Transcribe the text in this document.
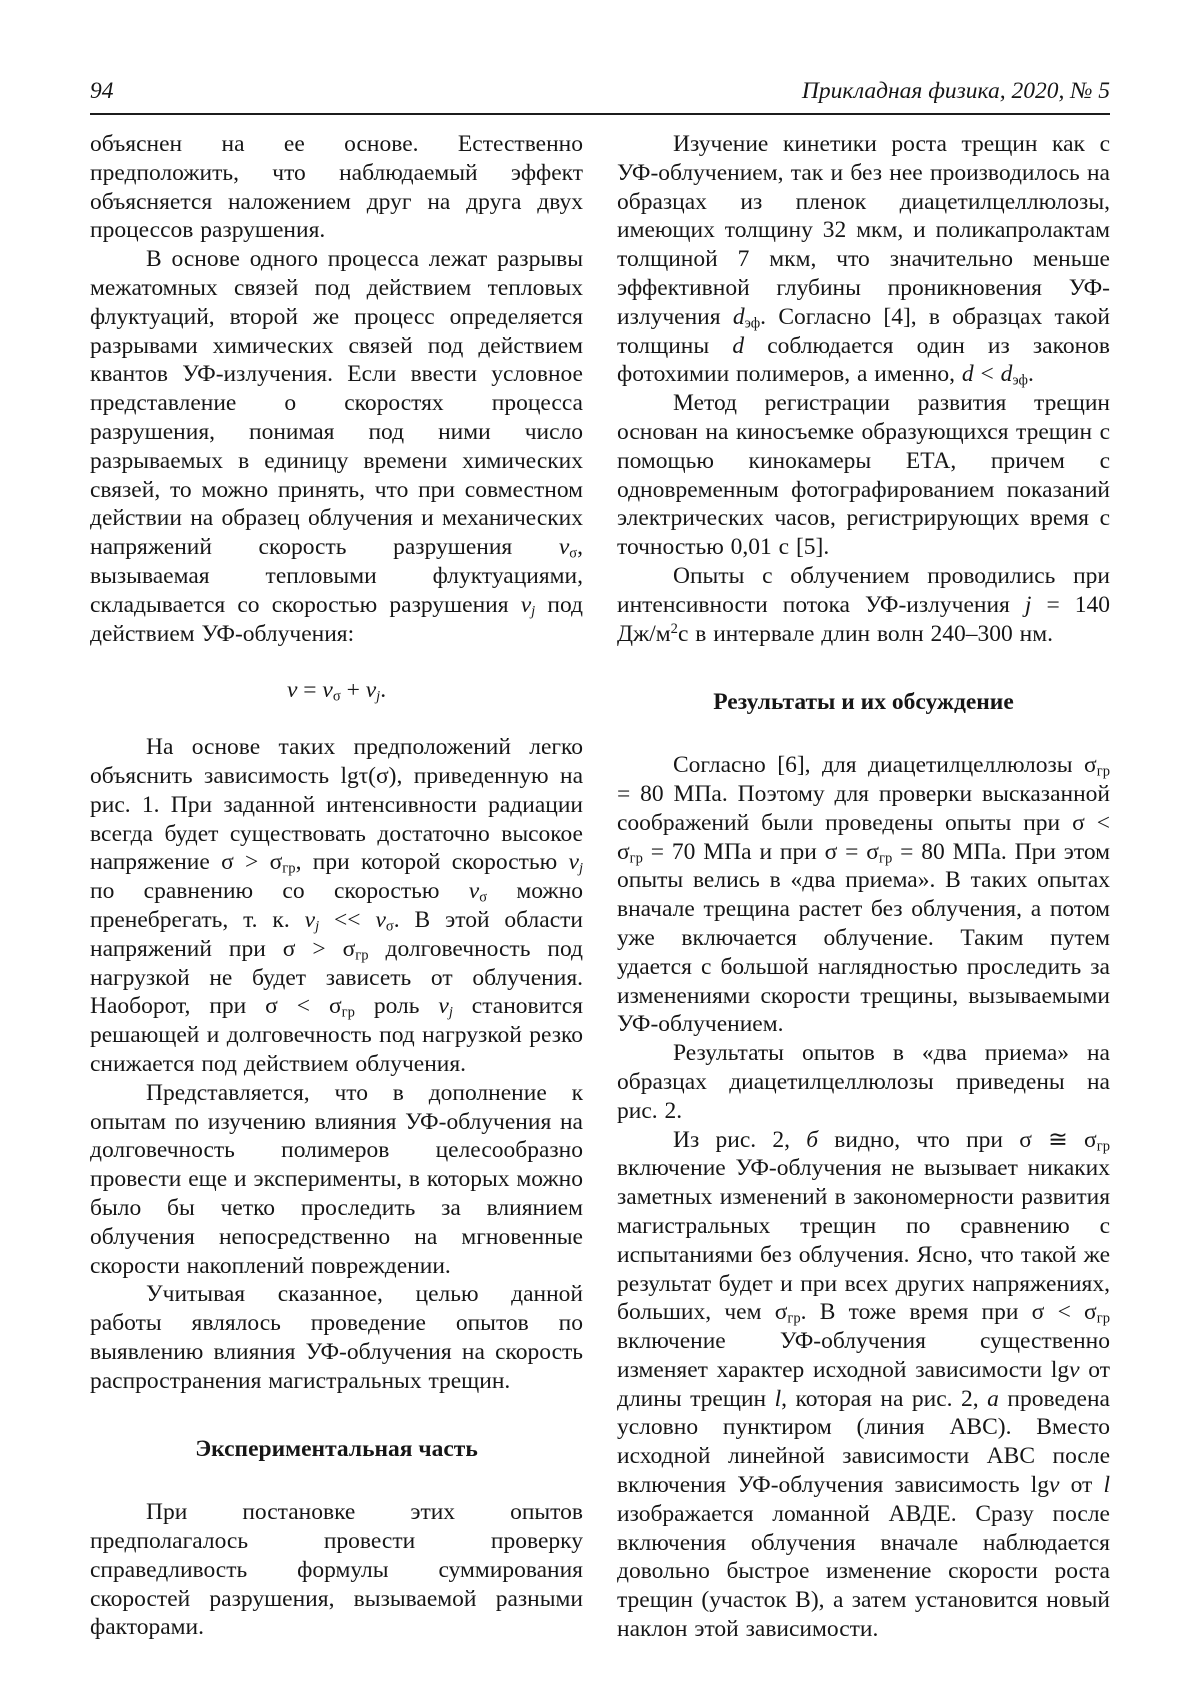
94	Прикладная физика, 2020, № 5

объяснен на ее основе. Естественно предположить, что наблюдаемый эффект объясняется наложением друг на друга двух процессов разрушения.

В основе одного процесса лежат разрывы межатомных связей под действием тепловых флуктуаций, второй же процесс определяется разрывами химических связей под действием квантов УФ-излучения. Если ввести условное представление о скоростях процесса разрушения, понимая под ними число разрываемых в единицу времени химических связей, то можно принять, что при совместном действии на образец облучения и механических напряжений скорость разрушения vσ, вызываемая тепловыми флуктуациями, складывается со скоростью разрушения vj под действием УФ-облучения:

v = vσ + vj.

На основе таких предположений легко объяснить зависимость lgτ(σ), приведенную на рис. 1. При заданной интенсивности радиации всегда будет существовать достаточно высокое напряжение σ > σгр, при которой скоростью vj по сравнению со скоростью vσ можно пренебрегать, т. к. vj << vσ. В этой области напряжений при σ > σгр долговечность под нагрузкой не будет зависеть от облучения. Наоборот, при σ < σгр роль vj становится решающей и долговечность под нагрузкой резко снижается под действием облучения.

Представляется, что в дополнение к опытам по изучению влияния УФ-облучения на долговечность полимеров целесообразно провести еще и эксперименты, в которых можно было бы четко проследить за влиянием облучения непосредственно на мгновенные скорости накоплений повреждении.

Учитывая сказанное, целью данной работы являлось проведение опытов по выявлению влияния УФ-облучения на скорость распространения магистральных трещин.

Экспериментальная часть

При постановке этих опытов предполагалось провести проверку справедливость формулы суммирования скоростей разрушения, вызываемой разными факторами.

Изучение кинетики роста трещин как с УФ-облучением, так и без нее производилось на образцах из пленок диацетилцеллюлозы, имеющих толщину 32 мкм, и поликапролактам толщиной 7 мкм, что значительно меньше эффективной глубины проникновения УФ-излучения dэф. Согласно [4], в образцах такой толщины d соблюдается один из законов фотохимии полимеров, а именно, d < dэф.

Метод регистрации развития трещин основан на киносъемке образующихся трещин с помощью кинокамеры ЕТА, причем с одновременным фотографированием показаний электрических часов, регистрирующих время с точностью 0,01 с [5].

Опыты с облучением проводились при интенсивности потока УФ-излучения j = 140 $Дж/м^2с$ в интервале длин волн 240–300 нм.

Результаты и их обсуждение

Согласно [6], для диацетилцеллюлозы σгр = 80 МПа. Поэтому для проверки высказанной соображений были проведены опыты при σ < σгр = 70 МПа и при σ = σгр = 80 МПа. При этом опыты велись в «два приема». В таких опытах вначале трещина растет без облучения, а потом уже включается облучение. Таким путем удается с большой наглядностью проследить за изменениями скорости трещины, вызываемыми УФ-облучением.

Результаты опытов в «два приема» на образцах диацетилцеллюлозы приведены на рис. 2.

Из рис. 2, б видно, что при σ ≅ σгр включение УФ-облучения не вызывает никаких заметных изменений в закономерности развития магистральных трещин по сравнению с испытаниями без облучения. Ясно, что такой же результат будет и при всех других напряжениях, больших, чем σгр. В тоже время при σ < σгр включение УФ-облучения существенно изменяет характер исходной зависимости lgv от длины трещин l, которая на рис. 2, а проведена условно пунктиром (линия АВС). Вместо исходной линейной зависимости АВС после включения УФ-облучения зависимость lgv от l изображается ломанной АВДЕ. Сразу после включения облучения вначале наблюдается довольно быстрое изменение скорости роста трещин (участок В), а затем установится новый наклон этой зависимости.
